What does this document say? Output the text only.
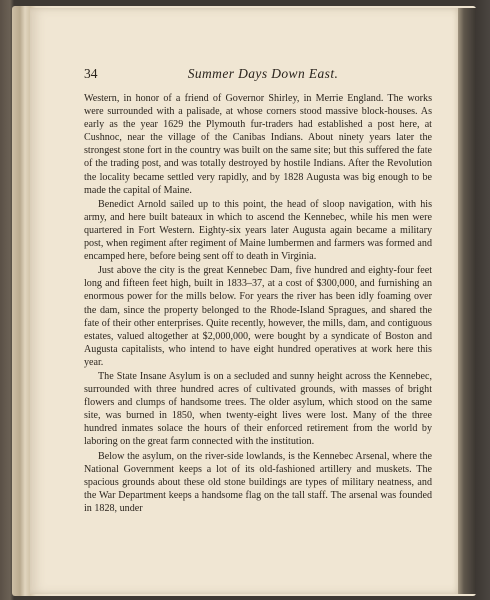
34	Summer Days Down East.

Western, in honor of a friend of Governor Shirley, in Merrie England. The works were surrounded with a palisade, at whose corners stood massive block-houses. As early as the year 1629 the Plymouth fur-traders had established a post here, at Cushnoc, near the village of the Canibas Indians. About ninety years later the strongest stone fort in the country was built on the same site; but this suffered the fate of the trading post, and was totally destroyed by hostile Indians. After the Revolution the locality became settled very rapidly, and by 1828 Augusta was big enough to be made the capital of Maine.

Benedict Arnold sailed up to this point, the head of sloop navigation, with his army, and here built bateaux in which to ascend the Kennebec, while his men were quartered in Fort Western. Eighty-six years later Augusta again became a military post, when regiment after regiment of Maine lumbermen and farmers was formed and encamped here, before being sent off to death in Virginia.

Just above the city is the great Kennebec Dam, five hundred and eighty-four feet long and fifteen feet high, built in 1833–37, at a cost of $300,000, and furnishing an enormous power for the mills below. For years the river has been idly foaming over the dam, since the property belonged to the Rhode-Island Spragues, and shared the fate of their other enterprises. Quite recently, however, the mills, dam, and contiguous estates, valued altogether at $2,000,000, were bought by a syndicate of Boston and Augusta capitalists, who intend to have eight hundred operatives at work here this year.

The State Insane Asylum is on a secluded and sunny height across the Kennebec, surrounded with three hundred acres of cultivated grounds, with masses of bright flowers and clumps of handsome trees. The older asylum, which stood on the same site, was burned in 1850, when twenty-eight lives were lost. Many of the three hundred inmates solace the hours of their enforced retirement from the world by laboring on the great farm connected with the institution.

Below the asylum, on the river-side lowlands, is the Kennebec Arsenal, where the National Government keeps a lot of its old-fashioned artillery and muskets. The spacious grounds about these old stone buildings are types of military neatness, and the War Department keeps a handsome flag on the tall staff. The arsenal was founded in 1828, under
